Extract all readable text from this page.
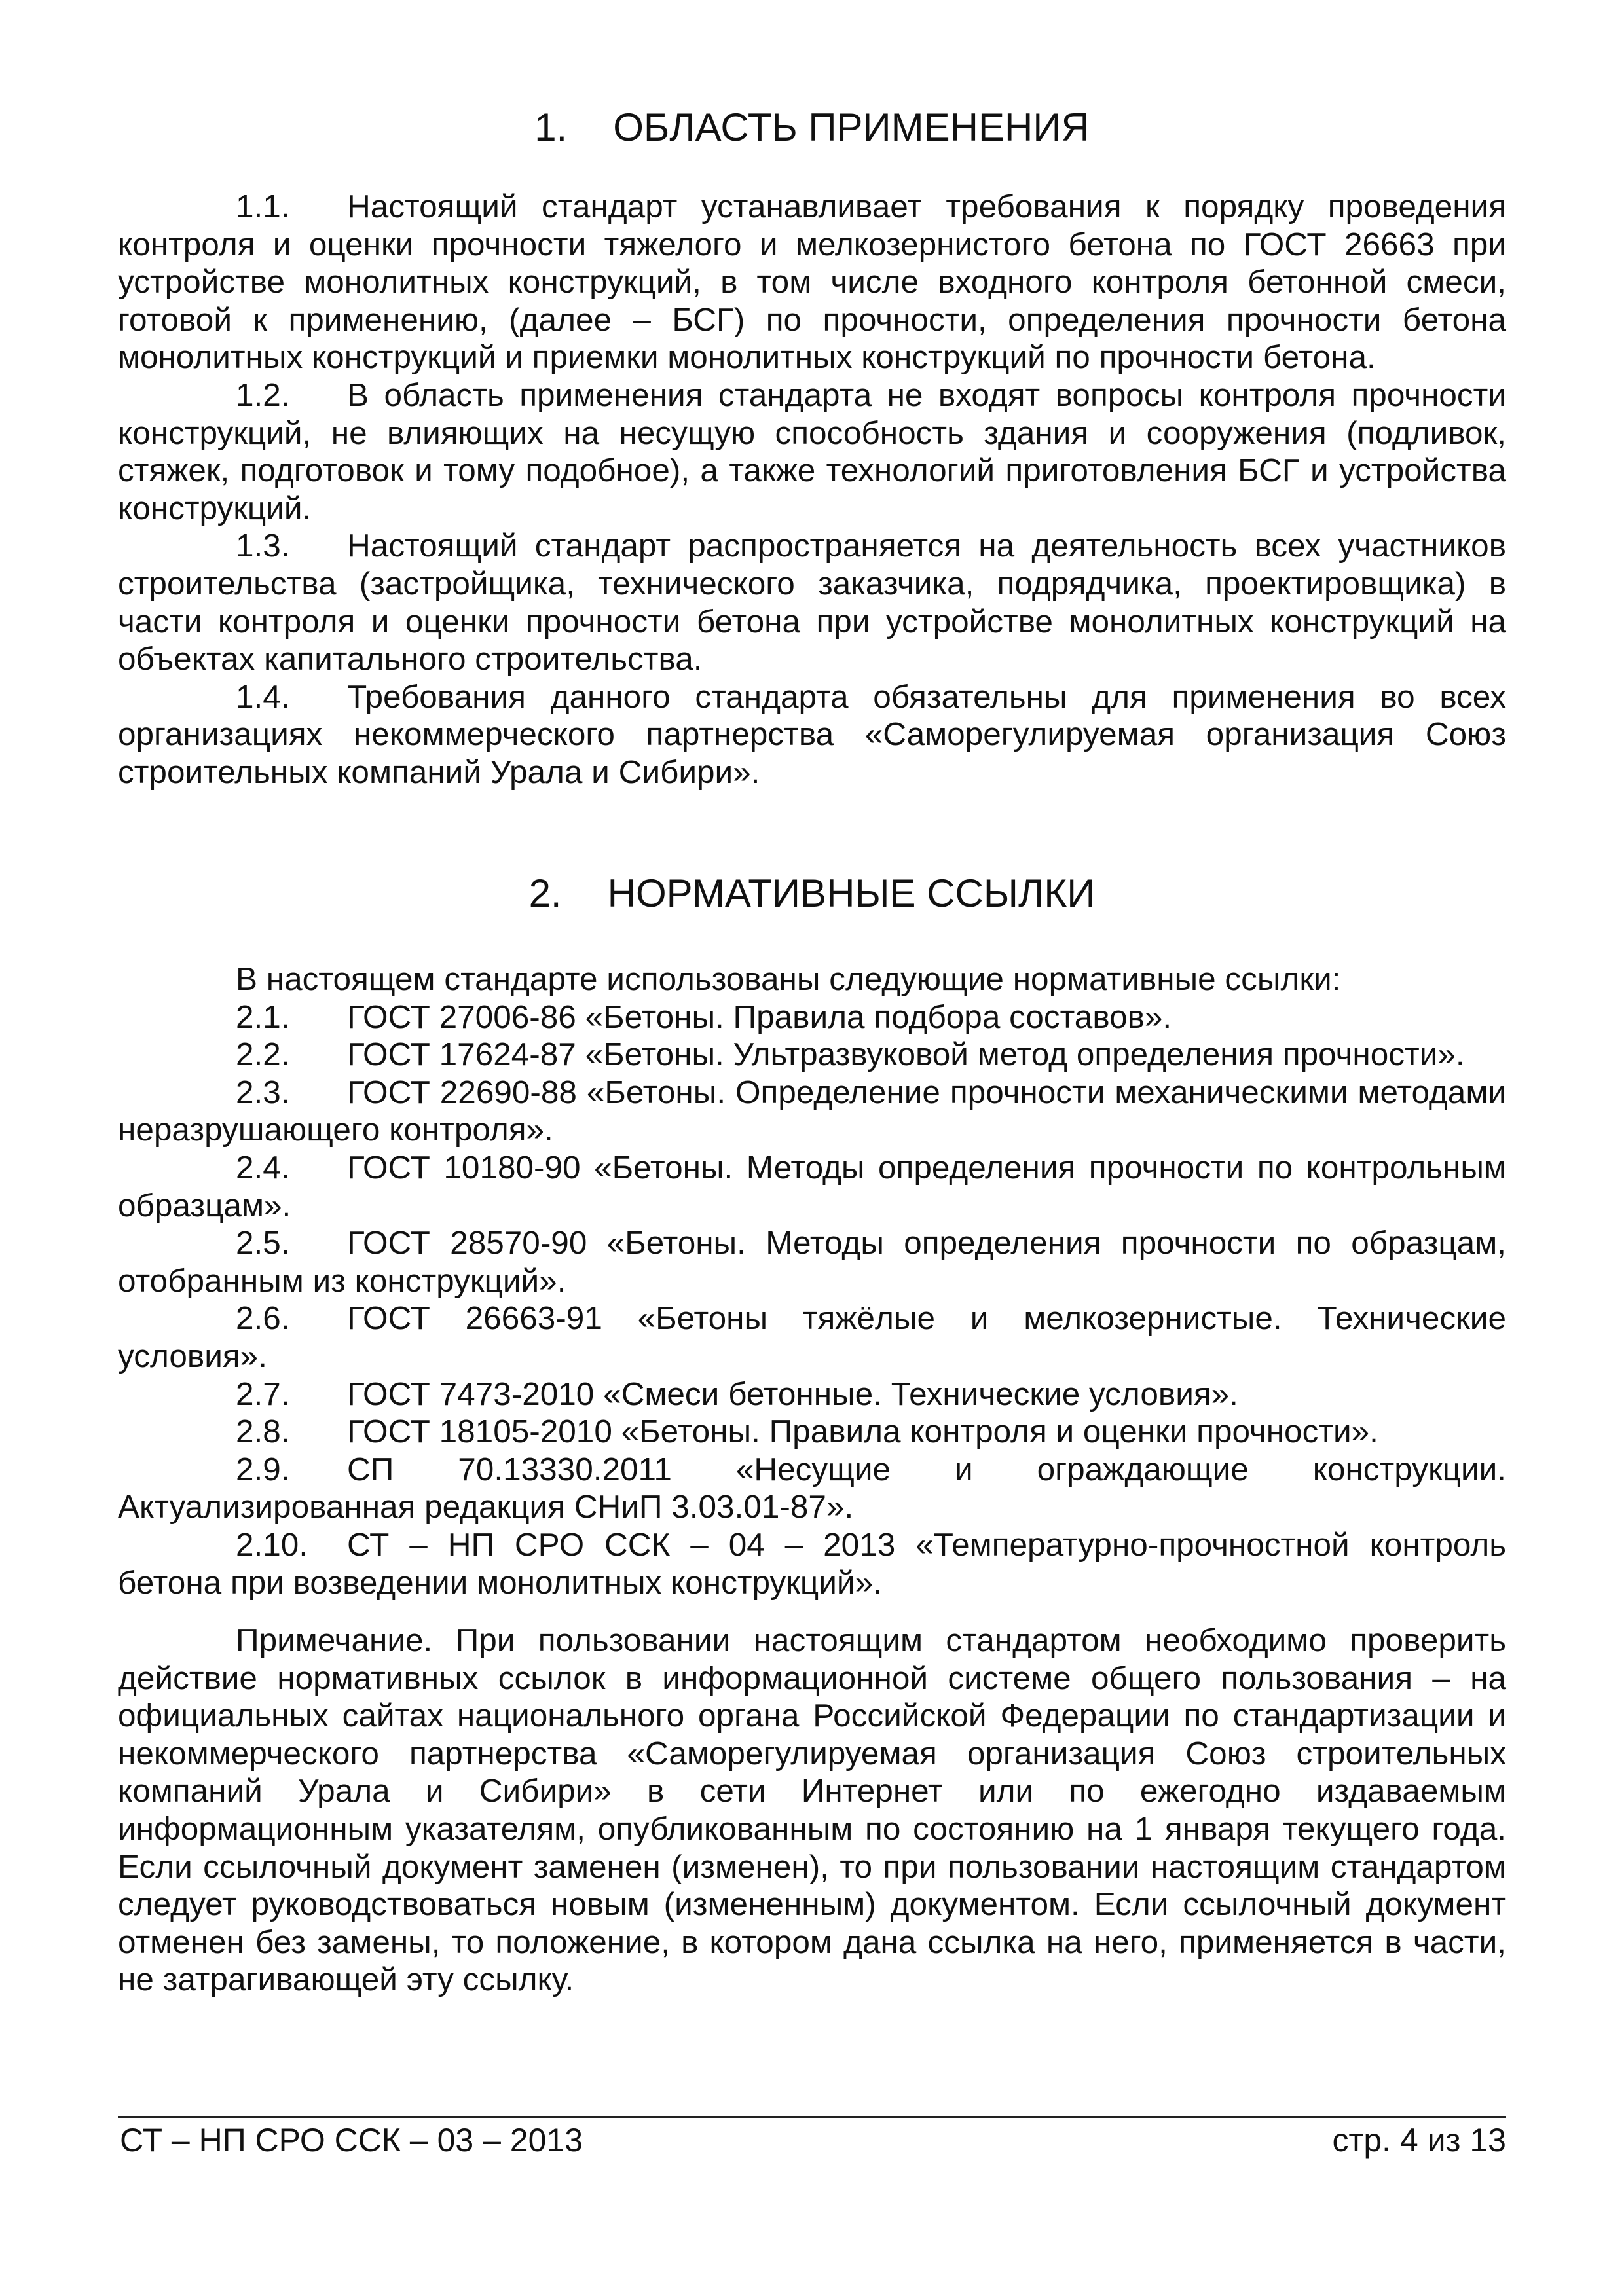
1. ОБЛАСТЬ ПРИМЕНЕНИЯ

1.1. Настоящий стандарт устанавливает требования к порядку проведения контроля и оценки прочности тяжелого и мелкозернистого бетона по ГОСТ 26663 при устройстве монолитных конструкций, в том числе входного контроля бетонной смеси, готовой к применению, (далее – БСГ) по прочности, определения прочности бетона монолитных конструкций и приемки монолитных конструкций по прочности бетона.

1.2. В область применения стандарта не входят вопросы контроля прочности конструкций, не влияющих на несущую способность здания и сооружения (подливок, стяжек, подготовок и тому подобное), а также технологий приготовления БСГ и устройства конструкций.

1.3. Настоящий стандарт распространяется на деятельность всех участников строительства (застройщика, технического заказчика, подрядчика, проектировщика) в части контроля и оценки прочности бетона при устройстве монолитных конструкций на объектах капитального строительства.

1.4. Требования данного стандарта обязательны для применения во всех организациях некоммерческого партнерства «Саморегулируемая организация Союз строительных компаний Урала и Сибири».

2. НОРМАТИВНЫЕ ССЫЛКИ

В настоящем стандарте использованы следующие нормативные ссылки:

2.1. ГОСТ 27006-86 «Бетоны. Правила подбора составов».

2.2. ГОСТ 17624-87 «Бетоны. Ультразвуковой метод определения прочности».

2.3. ГОСТ 22690-88 «Бетоны. Определение прочности механическими методами неразрушающего контроля».

2.4. ГОСТ 10180-90 «Бетоны. Методы определения прочности по контрольным образцам».

2.5. ГОСТ 28570-90 «Бетоны. Методы определения прочности по образцам, отобранным из конструкций».

2.6. ГОСТ 26663-91 «Бетоны тяжёлые и мелкозернистые. Технические условия».

2.7. ГОСТ 7473-2010 «Смеси бетонные. Технические условия».

2.8. ГОСТ 18105-2010 «Бетоны. Правила контроля и оценки прочности».

2.9. СП 70.13330.2011 «Несущие и ограждающие конструкции. Актуализированная редакция СНиП 3.03.01-87».

2.10. СТ – НП СРО ССК – 04 – 2013 «Температурно-прочностной контроль бетона при возведении монолитных конструкций».

Примечание. При пользовании настоящим стандартом необходимо проверить действие нормативных ссылок в информационной системе общего пользования – на официальных сайтах национального органа Российской Федерации по стандартизации и некоммерческого партнерства «Саморегулируемая организация Союз строительных компаний Урала и Сибири» в сети Интернет или по ежегодно издаваемым информационным указателям, опубликованным по состоянию на 1 января текущего года. Если ссылочный документ заменен (изменен), то при пользовании настоящим стандартом следует руководствоваться новым (измененным) документом. Если ссылочный документ отменен без замены, то положение, в котором дана ссылка на него, применяется в части, не затрагивающей эту ссылку.

СТ – НП СРО ССК – 03 – 2013	стр. 4 из 13
